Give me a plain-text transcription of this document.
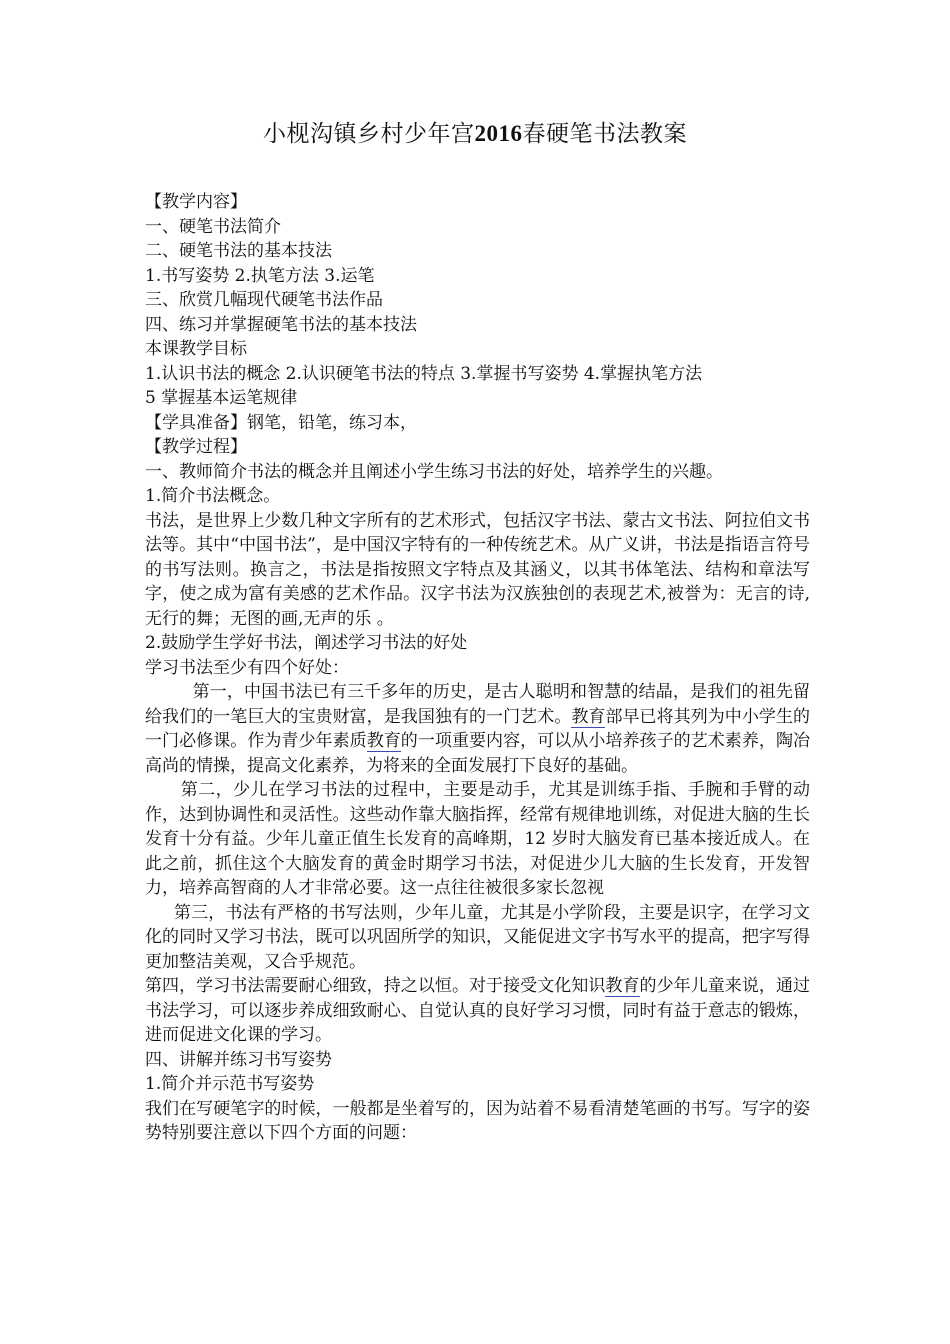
小枧沟镇乡村少年宫2016春硬笔书法教案
【教学内容】
一、硬笔书法简介
二、硬笔书法的基本技法
1.书写姿势 2.执笔方法 3.运笔
三、欣赏几幅现代硬笔书法作品
四、练习并掌握硬笔书法的基本技法
本课教学目标
1.认识书法的概念 2.认识硬笔书法的特点 3.掌握书写姿势 4.掌握执笔方法
5 掌握基本运笔规律
【学具准备】钢笔，铅笔，练习本，
【教学过程】
一、教师简介书法的概念并且阐述小学生练习书法的好处，培养学生的兴趣。
1.简介书法概念。
书法，是世界上少数几种文字所有的艺术形式，包括汉字书法、蒙古文书法、阿拉伯文书法等。其中“中国书法”，是中国汉字特有的一种传统艺术。从广义讲，书法是指语言符号的书写法则。换言之，书法是指按照文字特点及其涵义，以其书体笔法、结构和章法写字，使之成为富有美感的艺术作品。汉字书法为汉族独创的表现艺术,被誉为：无言的诗,无行的舞；无图的画,无声的乐 。
2.鼓励学生学好书法，阐述学习书法的好处
学习书法至少有四个好处：
第一，中国书法已有三千多年的历史，是古人聪明和智慧的结晶，是我们的祖先留给我们的一笔巨大的宝贵财富，是我国独有的一门艺术。教育部早已将其列为中小学生的一门必修课。作为青少年素质教育的一项重要内容，可以从小培养孩子的艺术素养，陶冶高尚的情操，提高文化素养，为将来的全面发展打下良好的基础。
第二，少儿在学习书法的过程中，主要是动手，尤其是训练手指、手腕和手臂的动作，达到协调性和灵活性。这些动作靠大脑指挥，经常有规律地训练，对促进大脑的生长发育十分有益。少年儿童正值生长发育的高峰期，12 岁时大脑发育已基本接近成人。在此之前，抓住这个大脑发育的黄金时期学习书法，对促进少儿大脑的生长发育，开发智力，培养高智商的人才非常必要。这一点往往被很多家长忽视
第三，书法有严格的书写法则，少年儿童，尤其是小学阶段，主要是识字，在学习文化的同时又学习书法，既可以巩固所学的知识，又能促进文字书写水平的提高，把字写得更加整洁美观，又合乎规范。
第四，学习书法需要耐心细致，持之以恒。对于接受文化知识教育的少年儿童来说，通过书法学习，可以逐步养成细致耐心、自觉认真的良好学习习惯，同时有益于意志的锻炼，进而促进文化课的学习。
四、讲解并练习书写姿势
1.简介并示范书写姿势
我们在写硬笔字的时候，一般都是坐着写的，因为站着不易看清楚笔画的书写。写字的姿势特别要注意以下四个方面的问题：
